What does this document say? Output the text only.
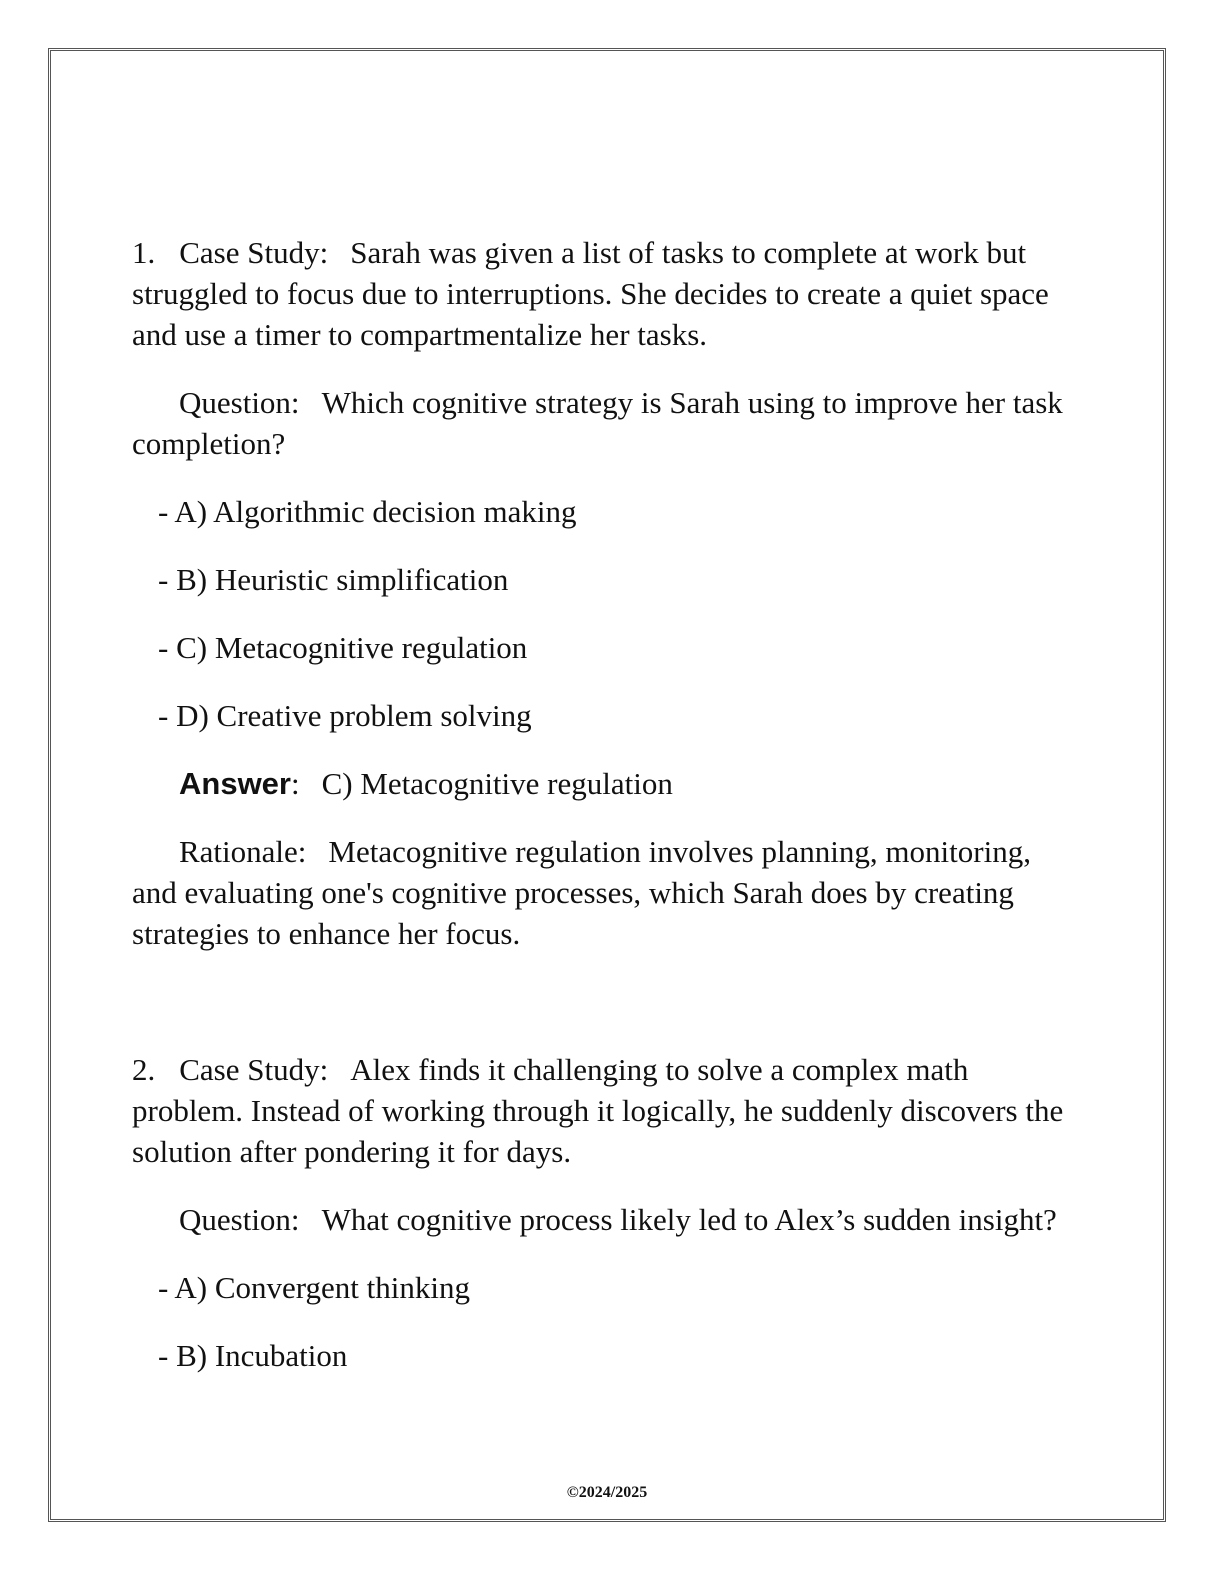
1. Case Study: Sarah was given a list of tasks to complete at work but struggled to focus due to interruptions. She decides to create a quiet space and use a timer to compartmentalize her tasks.

Question: Which cognitive strategy is Sarah using to improve her task completion?

- A) Algorithmic decision making

- B) Heuristic simplification

- C) Metacognitive regulation

- D) Creative problem solving

Answer: C) Metacognitive regulation

Rationale: Metacognitive regulation involves planning, monitoring, and evaluating one's cognitive processes, which Sarah does by creating strategies to enhance her focus.

2. Case Study: Alex finds it challenging to solve a complex math problem. Instead of working through it logically, he suddenly discovers the solution after pondering it for days.

Question: What cognitive process likely led to Alex’s sudden insight?

- A) Convergent thinking

- B) Incubation

©2024/2025
